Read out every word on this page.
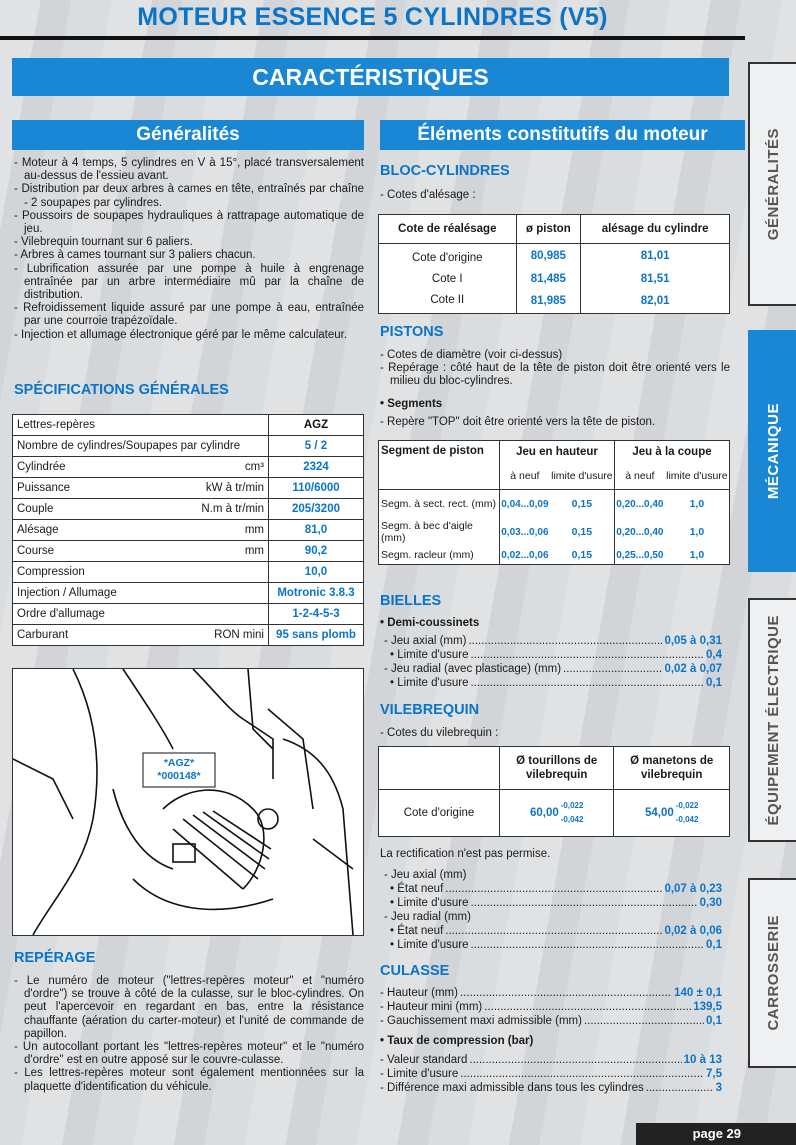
MOTEUR ESSENCE 5 CYLINDRES (V5)
CARACTÉRISTIQUES
GÉNÉRALITÉS
MÉCANIQUE
ÉQUIPEMENT ÉLECTRIQUE
CARROSSERIE
Généralités
- Moteur à 4 temps, 5 cylindres en V à 15°, placé transversalement au-dessus de l'essieu avant.
- Distribution par deux arbres à cames en tête, entraînés par chaîne - 2 soupapes par cylindres.
- Poussoirs de soupapes hydrauliques à rattrapage automatique de jeu.
- Vilebrequin tournant sur 6 paliers.
- Arbres à cames tournant sur 3 paliers chacun.
- Lubrification assurée par une pompe à huile à engrenage entraînée par un arbre intermédiaire mû par la chaîne de distribution.
- Refroidissement liquide assuré par une pompe à eau, entraînée par une courroie trapézoïdale.
- Injection et allumage électronique géré par le même calculateur.
SPÉCIFICATIONS GÉNÉRALES
Lettres-repères	AGZ
Nombre de cylindres/Soupapes par cylindre	5 / 2
Cylindrée cm³	2324
Puissance kW à tr/min	110/6000
Couple N.m à tr/min	205/3200
Alésage mm	81,0
Course mm	90,2
Compression	10,0
Injection / Allumage	Motronic 3.8.3
Ordre d'allumage	1-2-4-5-3
Carburant RON mini	95 sans plomb
*AGZ*
*000148*
REPÉRAGE
- Le numéro de moteur ("lettres-repères moteur" et "numéro d'ordre") se trouve à côté de la culasse, sur le bloc-cylindres. On peut l'apercevoir en regardant en bas, entre la résistance chauffante (aération du carter-moteur) et l'unité de commande de papillon.
- Un autocollant portant les "lettres-repères moteur" et le "numéro d'ordre" est en outre apposé sur le couvre-culasse.
- Les lettres-repères moteur sont également mentionnées sur la plaquette d'identification du véhicule.
Éléments constitutifs du moteur
BLOC-CYLINDRES
- Cotes d'alésage :
Cote de réalésage	ø piston	alésage du cylindre
Cote d'origine	80,985	81,01
Cote I	81,485	81,51
Cote II	81,985	82,01
PISTONS
- Cotes de diamètre (voir ci-dessus)
- Repérage : côté haut de la tête de piston doit être orienté vers le milieu du bloc-cylindres.
• Segments
- Repère "TOP" doit être orienté vers la tête de piston.
Segment de piston	Jeu en hauteur		Jeu à la coupe	
	à neuf	limite d'usure	à neuf	limite d'usure
Segm. à sect. rect. (mm)	0,04...0,09	0,15	0,20...0,40	1,0
Segm. à bec d'aigle (mm)	0,03...0,06	0,15	0,20...0,40	1,0
Segm. racleur (mm)	0,02...0,06	0,15	0,25...0,50	1,0
BIELLES
• Demi-coussinets
- Jeu axial (mm) .....	0,05 à 0,31
• Limite d'usure .....	0,4
- Jeu radial (avec plasticage) (mm) .....	0,02 à 0,07
• Limite d'usure .....	0,1
VILEBREQUIN
- Cotes du vilebrequin :
	Ø tourillons de vilebrequin	Ø manetons de vilebrequin
Cote d'origine	60,00
-0,022
-0,042	54,00
-0,022
-0,042
La rectification n'est pas permise.
- Jeu axial (mm)
• État neuf .....	0,07 à 0,23
• Limite d'usure .....	0,30
- Jeu radial (mm)
• État neuf .....	0,02 à 0,06
• Limite d'usure .....	0,1
CULASSE
- Hauteur (mm) .....	140 ± 0,1
- Hauteur mini (mm) .....	139,5
- Gauchissement maxi admissible (mm) .....	0,1
• Taux de compression (bar)
- Valeur standard .....	10 à 13
- Limite d'usure .....	7,5
- Différence maxi admissible dans tous les cylindres .....	3
page 29
